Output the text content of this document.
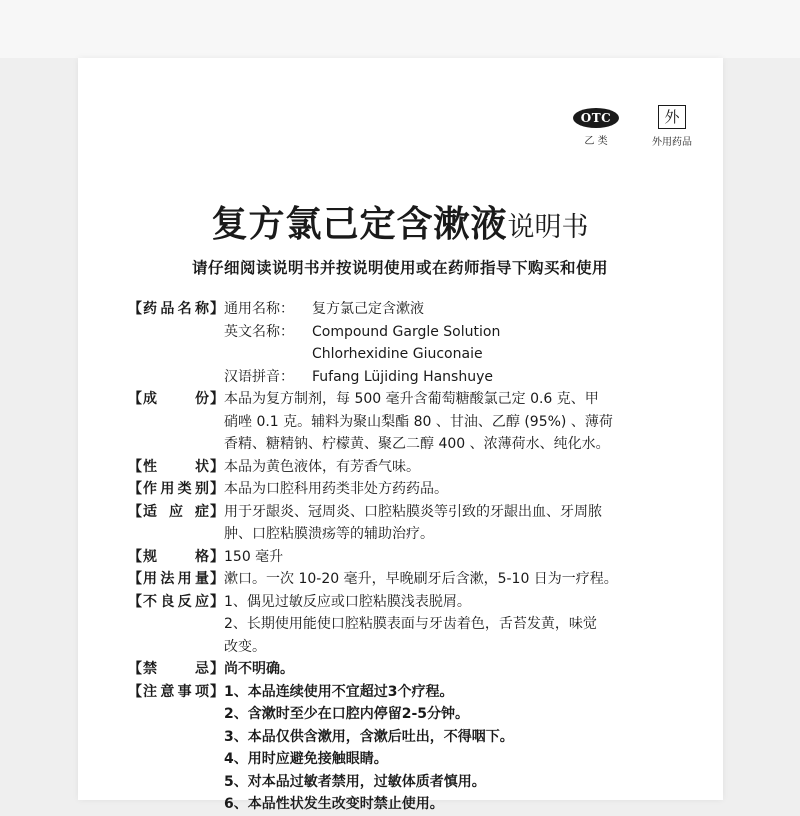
OTC
乙 类
外
外用药品
复方氯己定含漱液说明书
请仔细阅读说明书并按说明使用或在药师指导下购买和使用
【 药 品 名 称 】 通用名称：	复方氯己定含漱液
英文名称：	Compound Gargle Solution
Chlorhexidine Giuconaie
汉语拼音：	Fufang Lüjiding Hanshuye
【 成	份 】 本品为复方制剂，每 500 毫升含葡萄糖酸氯己定 0.6 克、甲
硝唑 0.1 克。辅料为聚山梨酯 80 、甘油、乙醇 (95%) 、薄荷
香精、糖精钠、柠檬黄、聚乙二醇 400 、浓薄荷水、纯化水。
【 性	状 】 本品为黄色液体，有芳香气味。
【 作 用 类 别 】 本品为口腔科用药类非处方药药品。
【 适 应 症 】 用于牙龈炎、冠周炎、口腔粘膜炎等引致的牙龈出血、牙周脓
肿、口腔粘膜溃疡等的辅助治疗。
【 规	格 】 150 毫升
【 用 法 用 量 】 漱口。一次 10-20 毫升，早晚刷牙后含漱，5-10 日为一疗程。
【 不 良 反 应 】 1、偶见过敏反应或口腔粘膜浅表脱屑。
2、长期使用能使口腔粘膜表面与牙齿着色，舌苔发黄，味觉
改变。
【 禁	忌 】 尚不明确。
【 注 意 事 项 】 1、本品连续使用不宜超过3个疗程。
2、含漱时至少在口腔内停留2-5分钟。
3、本品仅供含漱用，含漱后吐出，不得咽下。
4、用时应避免接触眼睛。
5、对本品过敏者禁用，过敏体质者慎用。
6、本品性状发生改变时禁止使用。
